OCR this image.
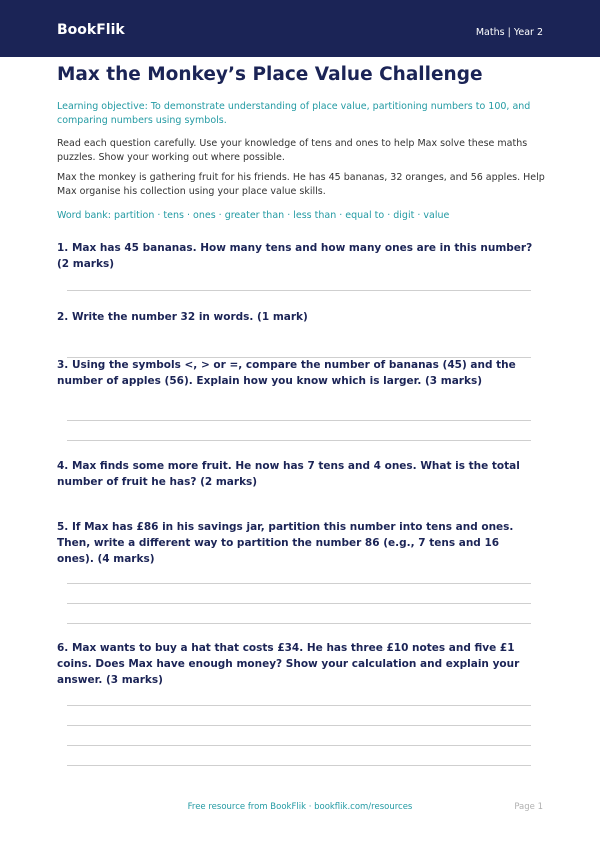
BookFlik	Maths | Year 2
Max the Monkey’s Place Value Challenge
Learning objective: To demonstrate understanding of place value, partitioning numbers to 100, and comparing numbers using symbols.
Read each question carefully. Use your knowledge of tens and ones to help Max solve these maths puzzles. Show your working out where possible.
Max the monkey is gathering fruit for his friends. He has 45 bananas, 32 oranges, and 56 apples. Help Max organise his collection using your place value skills.
Word bank: partition · tens · ones · greater than · less than · equal to · digit · value
1. Max has 45 bananas. How many tens and how many ones are in this number? (2 marks)
2. Write the number 32 in words. (1 mark)
3. Using the symbols <, > or =, compare the number of bananas (45) and the number of apples (56). Explain how you know which is larger. (3 marks)
4. Max finds some more fruit. He now has 7 tens and 4 ones. What is the total number of fruit he has? (2 marks)
5. If Max has £86 in his savings jar, partition this number into tens and ones. Then, write a different way to partition the number 86 (e.g., 7 tens and 16 ones). (4 marks)
6. Max wants to buy a hat that costs £34. He has three £10 notes and five £1 coins. Does Max have enough money? Show your calculation and explain your answer. (3 marks)
Free resource from BookFlik · bookflik.com/resources	Page 1
